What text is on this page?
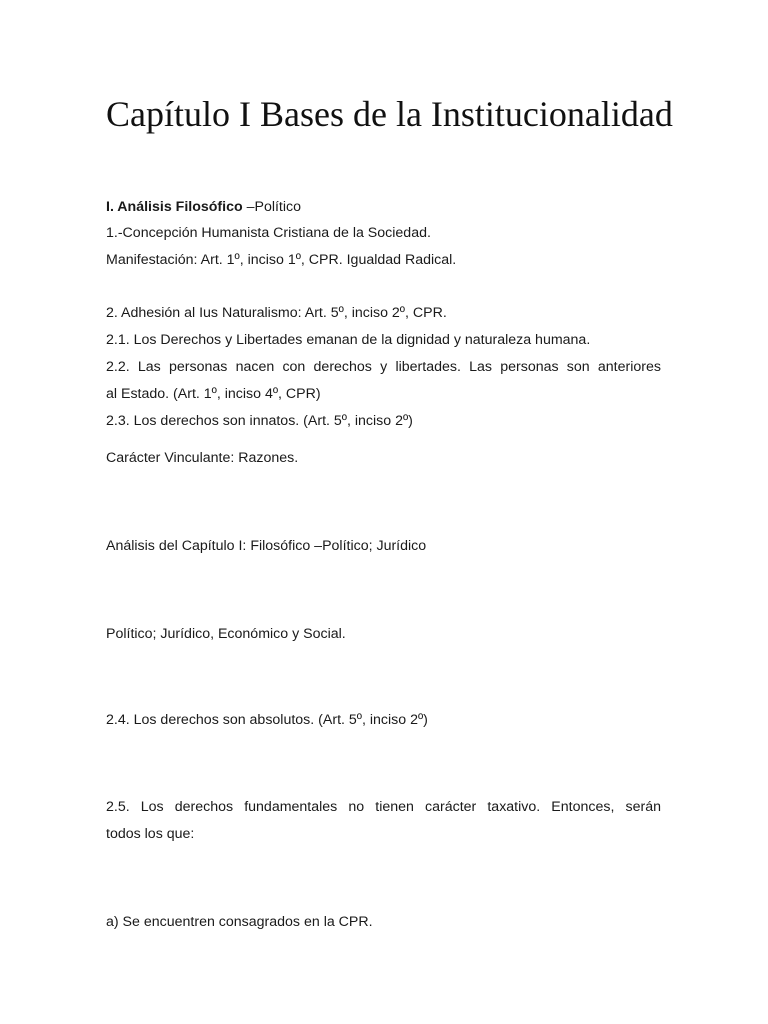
Capítulo I Bases de la Institucionalidad
I. Análisis Filosófico –Político
1.-Concepción Humanista Cristiana de la Sociedad.
Manifestación: Art. 1º, inciso 1º, CPR. Igualdad Radical.
2. Adhesión al Ius Naturalismo: Art. 5º, inciso 2º, CPR.
2.1. Los Derechos y Libertades emanan de la dignidad y naturaleza humana.
2.2. Las personas nacen con derechos y libertades. Las personas son anteriores
al Estado. (Art. 1º, inciso 4º, CPR)
2.3. Los derechos son innatos. (Art. 5º, inciso 2º)
Carácter Vinculante: Razones.
Análisis del Capítulo I: Filosófico –Político; Jurídico
Político; Jurídico, Económico y Social.
2.4. Los derechos son absolutos. (Art. 5º, inciso 2º)
2.5. Los derechos fundamentales no tienen carácter taxativo. Entonces, serán
todos los que:
a) Se encuentren consagrados en la CPR.
